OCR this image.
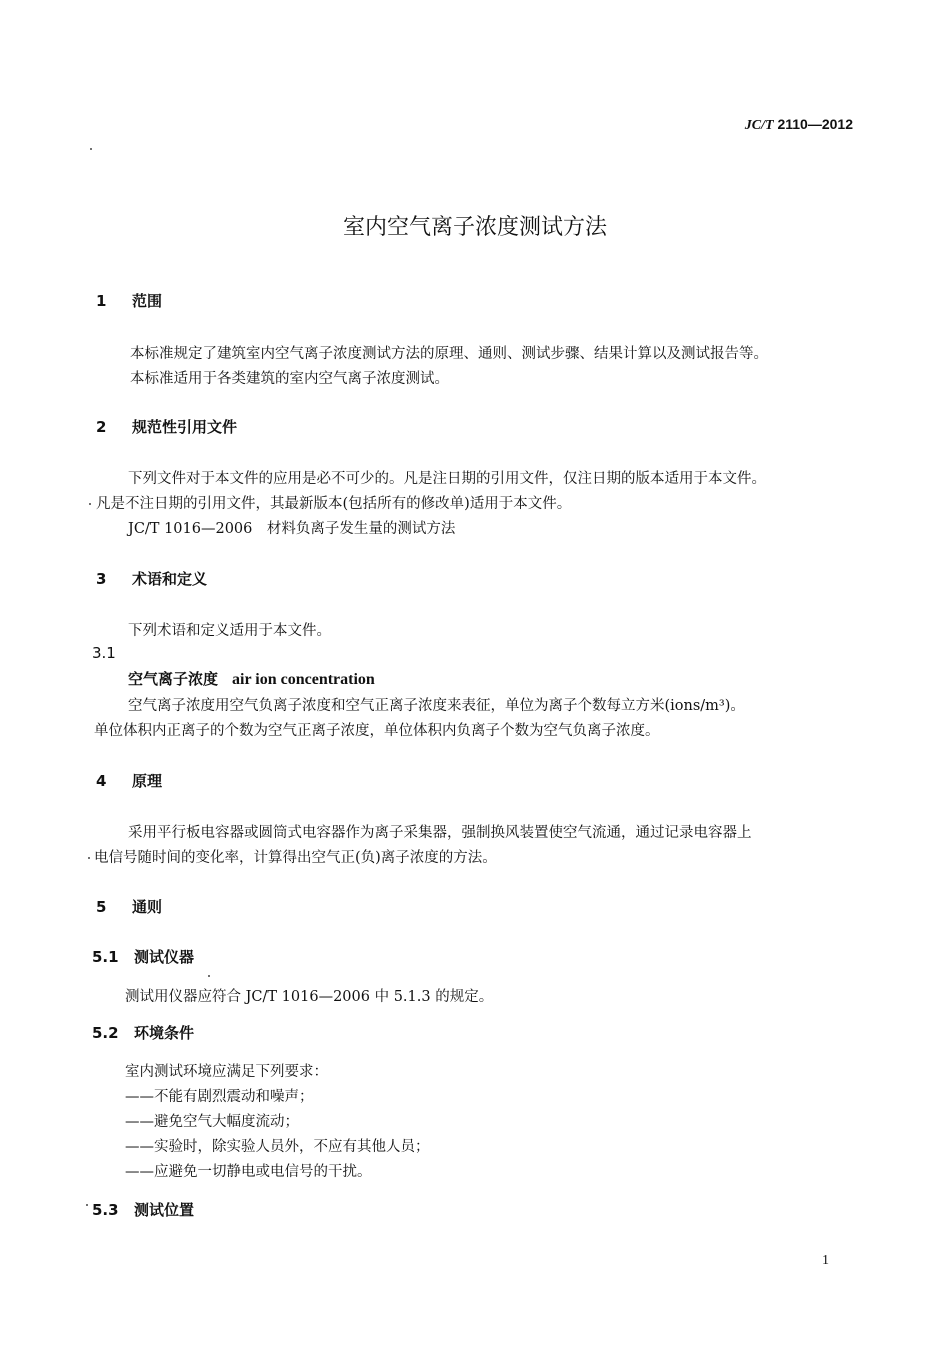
JC/T 2110—2012
室内空气离子浓度测试方法
1 范围
本标准规定了建筑室内空气离子浓度测试方法的原理、通则、测试步骤、结果计算以及测试报告等。
本标准适用于各类建筑的室内空气离子浓度测试。
2 规范性引用文件
下列文件对于本文件的应用是必不可少的。凡是注日期的引用文件，仅注日期的版本适用于本文件。
凡是不注日期的引用文件，其最新版本(包括所有的修改单)适用于本文件。
JC/T 1016—2006　材料负离子发生量的测试方法
3 术语和定义
下列术语和定义适用于本文件。
3.1
空气离子浓度 air ion concentration
空气离子浓度用空气负离子浓度和空气正离子浓度来表征，单位为离子个数每立方米(ions/m³)。
单位体积内正离子的个数为空气正离子浓度，单位体积内负离子个数为空气负离子浓度。
4 原理
采用平行板电容器或圆筒式电容器作为离子采集器，强制换风装置使空气流通，通过记录电容器上
电信号随时间的变化率，计算得出空气正(负)离子浓度的方法。
5 通则
5.1 测试仪器
测试用仪器应符合 JC/T 1016—2006 中 5.1.3 的规定。
5.2 环境条件
室内测试环境应满足下列要求：
——不能有剧烈震动和噪声；
——避免空气大幅度流动；
——实验时，除实验人员外，不应有其他人员；
——应避免一切静电或电信号的干扰。
5.3 测试位置
1
